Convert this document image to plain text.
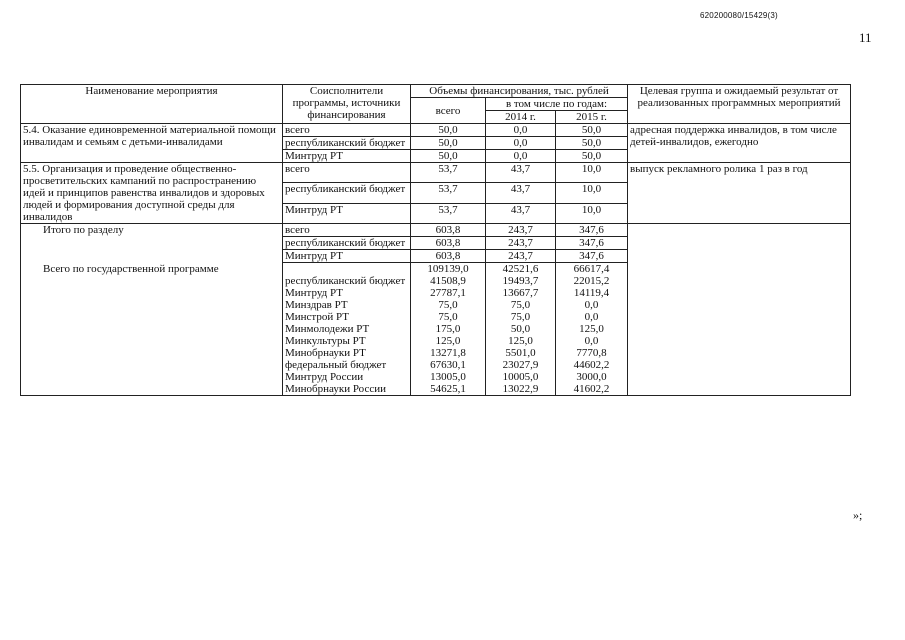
620200080/15429(3)
11
Наименование мероприятия	Соисполнители программы, источники финансирования	Объемы финансирования, тыс. рублей			Целевая группа и ожидаемый результат от реализованных программных мероприятий
		всего	в том числе по годам:		
			2014 г.	2015 г.	
5.4. Оказание единовременной материальной помощи инвалидам и семьям с детьми-инвалидами	всего	50,0	0,0	50,0	адресная поддержка инвалидов, в том числе детей-инвалидов, ежегодно
	республиканский бюджет	50,0	0,0	50,0	
	Минтруд РТ	50,0	0,0	50,0	
5.5. Организация и проведение общественно-просветительских кампаний по распространению идей и принципов равенства инвалидов и здоровых людей и формирования доступной среды для инвалидов	всего	53,7	43,7	10,0	выпуск рекламного ролика 1 раз в год
	республиканский бюджет	53,7	43,7	10,0	
	Минтруд РТ	53,7	43,7	10,0	
Итого по разделу	всего	603,8	243,7	347,6	
	республиканский бюджет	603,8	243,7	347,6	
	Минтруд РТ	603,8	243,7	347,6	
Всего по государственной программе		109139,0	42521,6	66617,4	
	республиканский бюджет	41508,9	19493,7	22015,2	
	Минтруд РТ	27787,1	13667,7	14119,4	
	Минздрав РТ	75,0	75,0	0,0	
	Минстрой РТ	75,0	75,0	0,0	
	Минмолодежи РТ	175,0	50,0	125,0	
	Минкультуры РТ	125,0	125,0	0,0	
	Минобрнауки РТ	13271,8	5501,0	7770,8	
	федеральный бюджет	67630,1	23027,9	44602,2	
	Минтруд России	13005,0	10005,0	3000,0	
	Минобрнауки России	54625,1	13022,9	41602,2	
»;
